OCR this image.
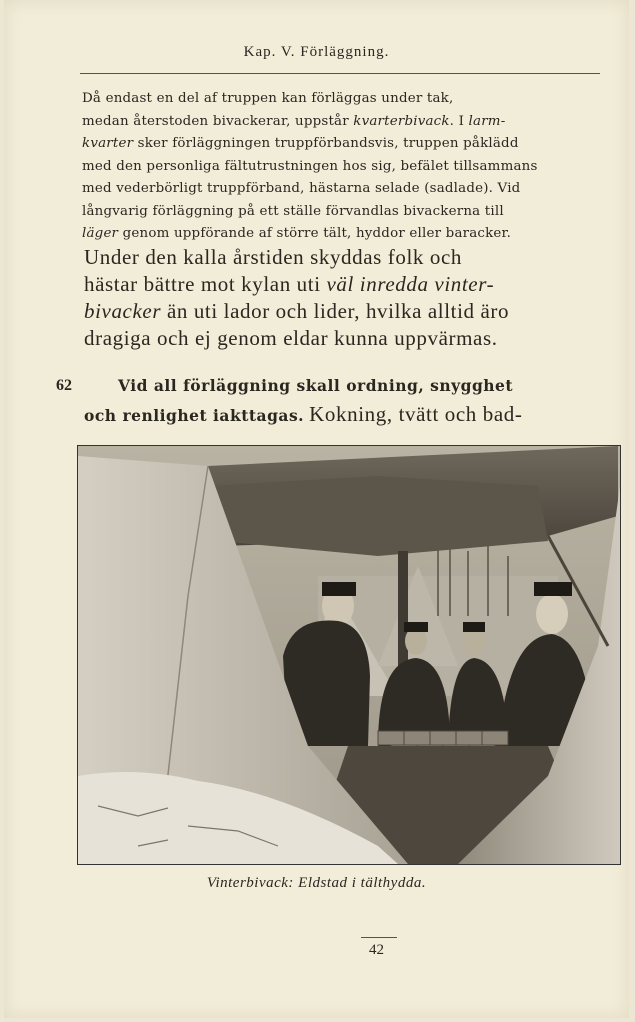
Kap. V. Förläggning.
Då endast en del af truppen kan förläggas under tak,
medan återstoden bivackerar, uppstår kvarterbivack. I larm-
kvarter sker förläggningen truppförbandsvis, truppen påklädd
med den personliga fältutrustningen hos sig, befälet tillsammans
med vederbörligt truppförband, hästarna selade (sadlade). Vid
långvarig förläggning på ett ställe förvandlas bivackerna till
läger genom uppförande af större tält, hyddor eller baracker.
Under den kalla årstiden skyddas folk och
hästar bättre mot kylan uti väl inredda vinter-
bivacker än uti lador och lider, hvilka alltid äro
dragiga och ej genom eldar kunna uppvärmas.
62	Vid all förläggning skall ordning, snygghet
och renlighet iakttagas. Kokning, tvätt och bad-
Vinterbivack: Eldstad i tälthydda.
42
